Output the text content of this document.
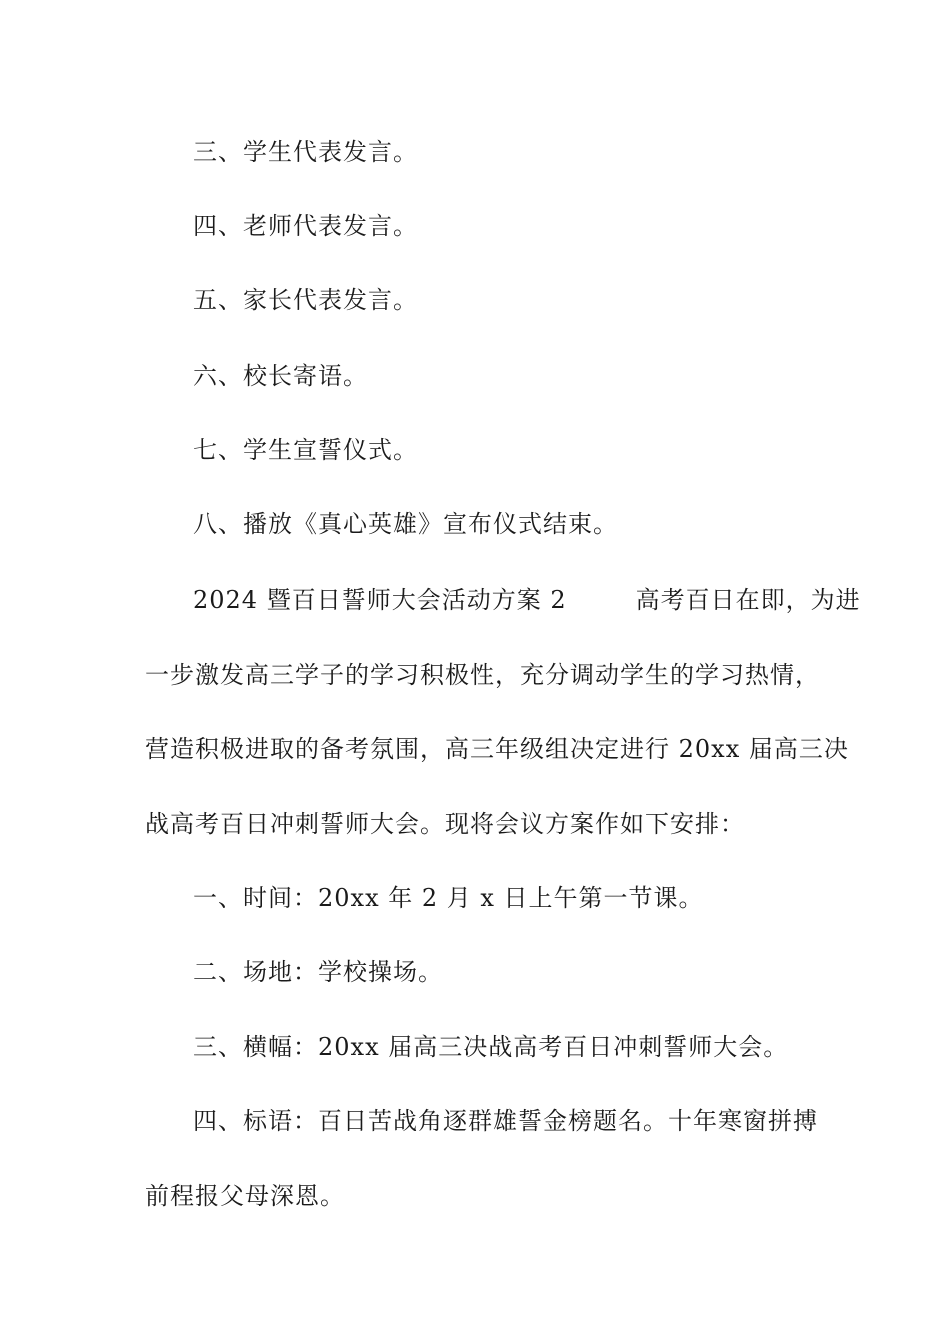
三、学生代表发言。
四、老师代表发言。
五、家长代表发言。
六、校长寄语。
七、学生宣誓仪式。
八、播放《真心英雄》宣布仪式结束。
2024 暨百日誓师大会活动方案 2        高考百日在即，为进
一步激发高三学子的学习积极性，充分调动学生的学习热情，
营造积极进取的备考氛围，高三年级组决定进行 20xx 届高三决
战高考百日冲刺誓师大会。现将会议方案作如下安排：
一、时间：20xx 年 2 月 x 日上午第一节课。
二、场地：学校操场。
三、横幅：20xx 届高三决战高考百日冲刺誓师大会。
四、标语：百日苦战角逐群雄誓金榜题名。十年寒窗拼搏
前程报父母深恩。
